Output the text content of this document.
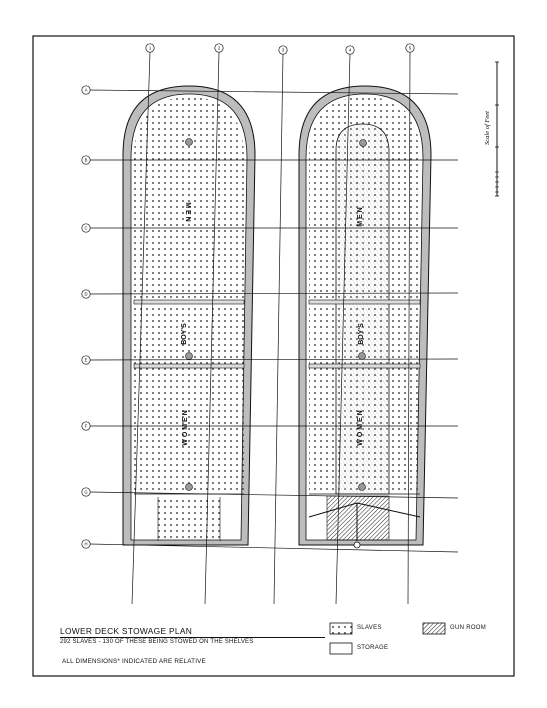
1	2	3	4	5
A
B
C
D
E
F
G
H
M E N
BOY'S
W O M E N
M E N
BOY'S
W O M E N
Scale of Feet
LOWER DECK STOWAGE PLAN
292 SLAVES - 130 OF THESE BEING STOWED ON THE SHELVES
ALL DIMENSIONS* INDICATED ARE RELATIVE
SLAVES
STORAGE
GUN ROOM
